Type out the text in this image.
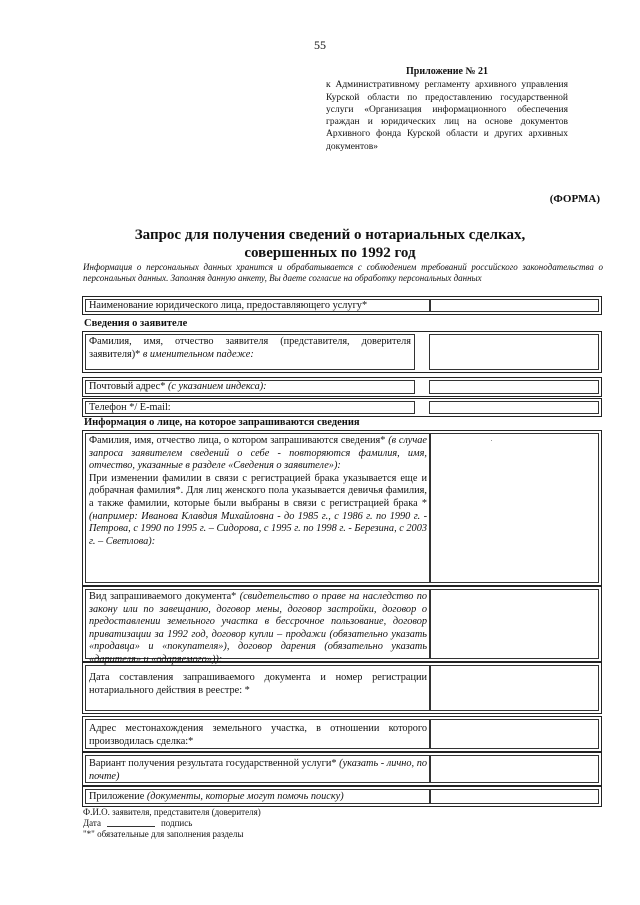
55
Приложение № 21
к Административному регламенту архивного управления Курской области по предоставлению государственной услуги «Организация информационного обеспечения граждан и юридических лиц на основе документов Архивного фонда Курской области и других архивных документов»
(ФОРМА)
Запрос для получения сведений о нотариальных сделках,
совершенных по 1992 год
Информация о персональных данных хранится и обрабатывается с соблюдением требований российского законодательства о персональных данных. Заполняя данную анкету, Вы даете согласие на обработку персональных данных
Наименование юридического лица, предоставляющего услугу*
Сведения о заявителе
Фамилия, имя, отчество заявителя (представителя, доверителя заявителя)* в именительном падеже:
Почтовый адрес* (с указанием индекса):
Телефон */ E-mail:
Информация о лице, на которое запрашиваются сведения
Фамилия, имя, отчество лица, о котором запрашиваются сведения* (в случае запроса заявителем сведений о себе - повторяются фамилия, имя, отчество, указанные в разделе «Сведения о заявителе»):
При изменении фамилии в связи с регистрацией брака указывается еще и добрачная фамилия*. Для лиц женского пола указывается девичья фамилия, а также фамилии, которые были выбраны в связи с регистрацией брака *(например: Иванова Клавдия Михайловна - до 1985 г., с 1986 г. по 1990 г. - Петрова, с 1990 по 1995 г. – Сидорова, с 1995 г. по 1998 г. - Березина, с 2003 г. – Светлова):
Вид запрашиваемого документа* (свидетельство о праве на наследство по закону или по завещанию, договор мены, договор застройки, договор о предоставлении земельного участка в бессрочное пользование, договор приватизации за 1992 год, договор купли – продажи (обязательно указать «продавца» и «покупателя»), договор дарения (обязательно указать «дарителя» и «одаряемого»)):
Дата составления запрашиваемого документа и номер регистрации нотариального действия в реестре: *
Адрес местонахождения земельного участка, в отношении которого производилась сделка:*
Вариант получения результата государственной услуги* (указать - лично, по почте)
Приложение (документы, которые могут помочь поиску)
Ф.И.О. заявителя, представителя (доверителя)
Дата	подпись
"*" обязательные для заполнения разделы
